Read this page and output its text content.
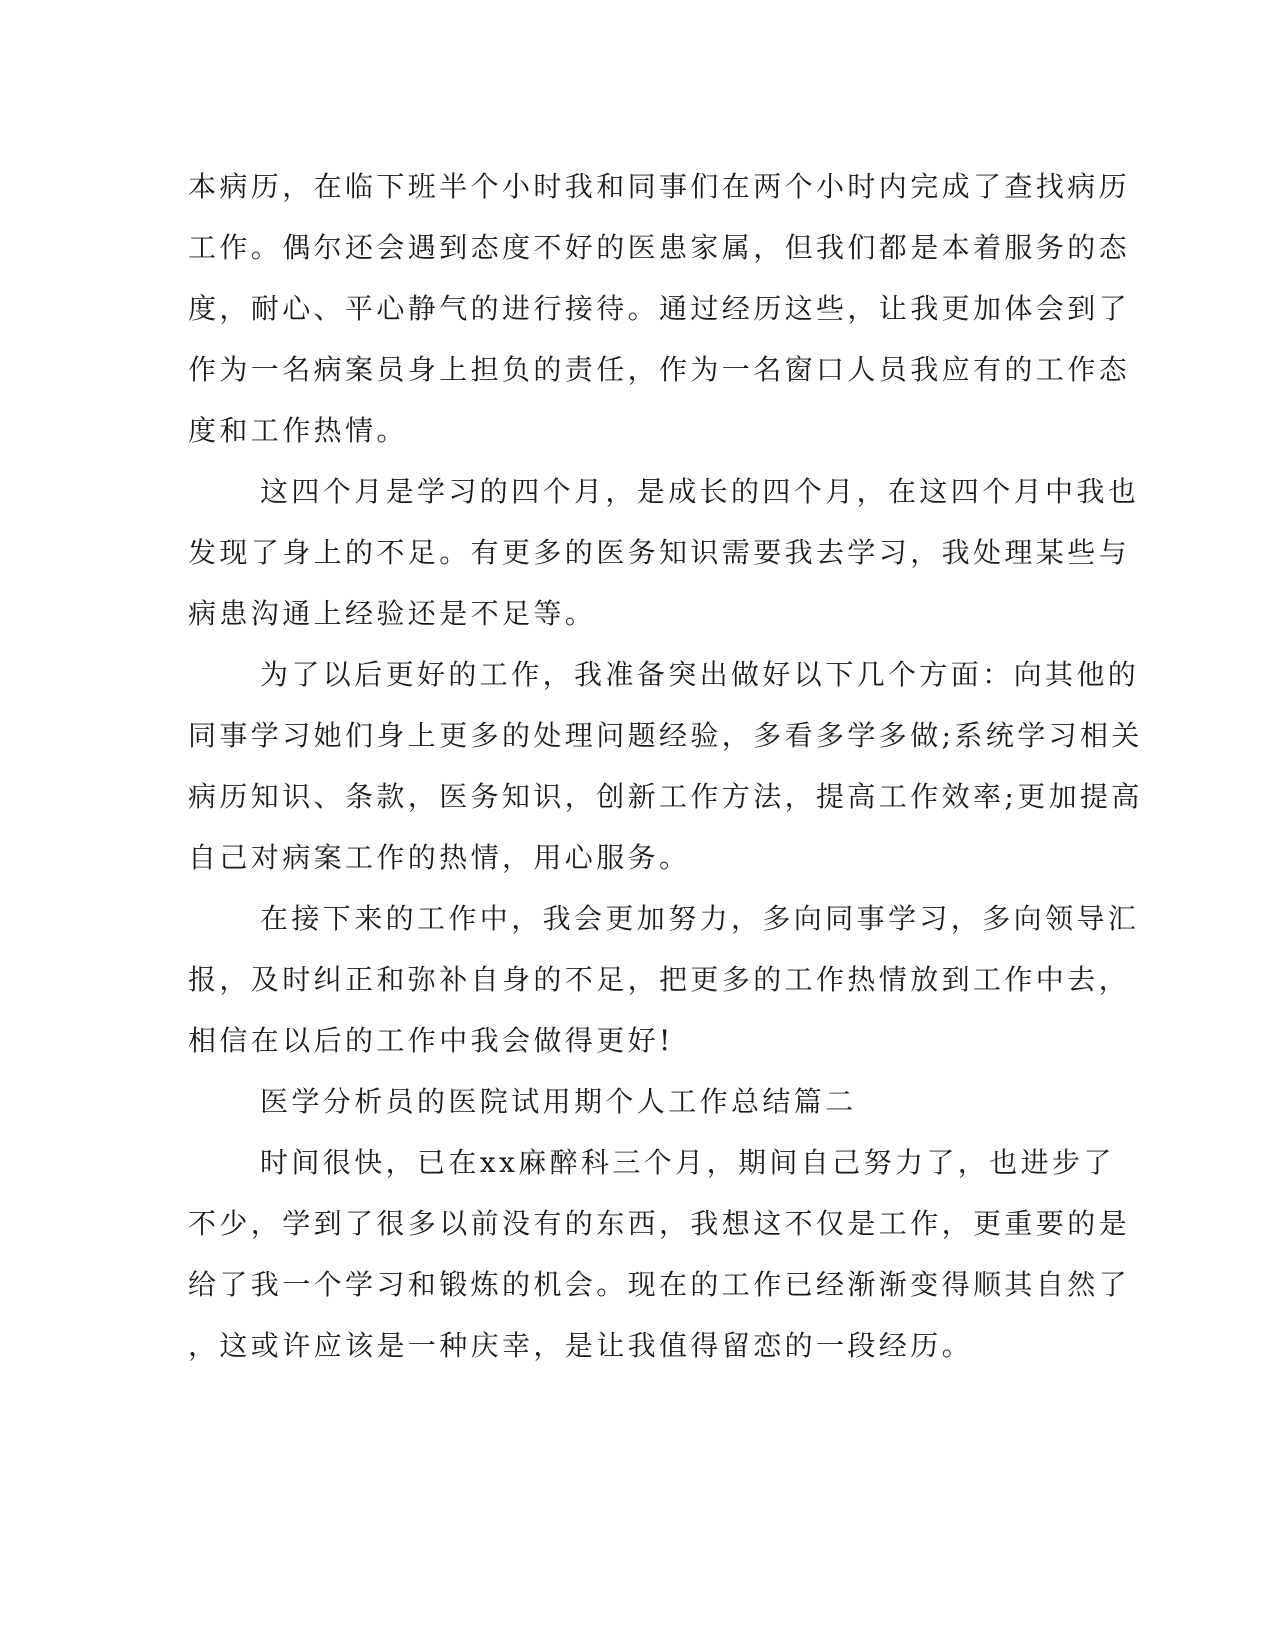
本病历，在临下班半个小时我和同事们在两个小时内完成了查找病历

工作。偶尔还会遇到态度不好的医患家属，但我们都是本着服务的态

度，耐心、平心静气的进行接待。通过经历这些，让我更加体会到了

作为一名病案员身上担负的责任，作为一名窗口人员我应有的工作态

度和工作热情。

这四个月是学习的四个月，是成长的四个月，在这四个月中我也

发现了身上的不足。有更多的医务知识需要我去学习，我处理某些与

病患沟通上经验还是不足等。

为了以后更好的工作，我准备突出做好以下几个方面：向其他的

同事学习她们身上更多的处理问题经验，多看多学多做;系统学习相关

病历知识、条款，医务知识，创新工作方法，提高工作效率;更加提高

自己对病案工作的热情，用心服务。

在接下来的工作中，我会更加努力，多向同事学习，多向领导汇

报，及时纠正和弥补自身的不足，把更多的工作热情放到工作中去，

相信在以后的工作中我会做得更好!

医学分析员的医院试用期个人工作总结篇二

时间很快，已在xx麻醉科三个月，期间自己努力了，也进步了

不少，学到了很多以前没有的东西，我想这不仅是工作，更重要的是

给了我一个学习和锻炼的机会。现在的工作已经渐渐变得顺其自然了

，这或许应该是一种庆幸，是让我值得留恋的一段经历。
